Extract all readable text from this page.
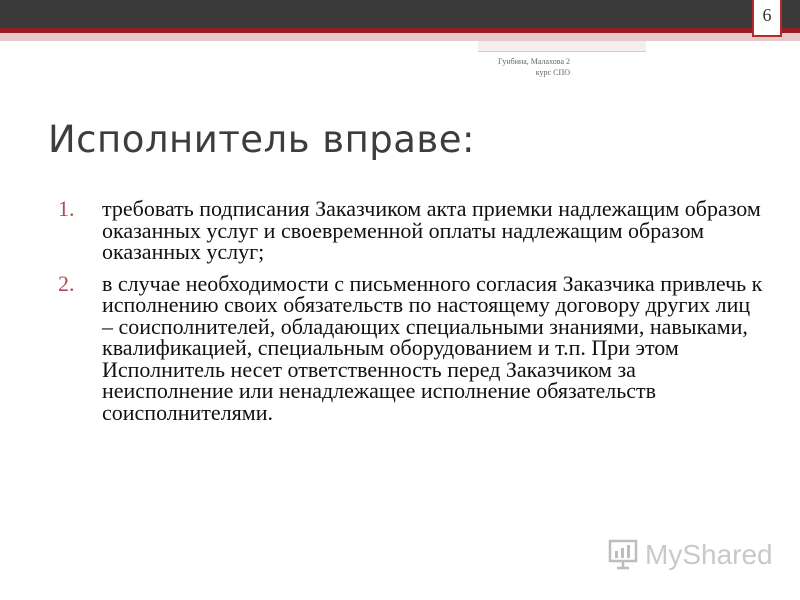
6
Гунбина, Малахова 2
курс СПО
Исполнитель вправе:
1.	требовать подписания Заказчиком акта приемки надлежащим образом оказанных услуг и своевременной оплаты надлежащим образом оказанных услуг;
2.	в случае необходимости с письменного согласия Заказчика привлечь к исполнению своих обязательств по настоящему договору других лиц – соисполнителей, обладающих специальными знаниями, навыками, квалификацией, специальным оборудованием и т.п. При этом Исполнитель несет ответственность перед Заказчиком за неисполнение или ненадлежащее исполнение обязательств соисполнителями.
MyShared
